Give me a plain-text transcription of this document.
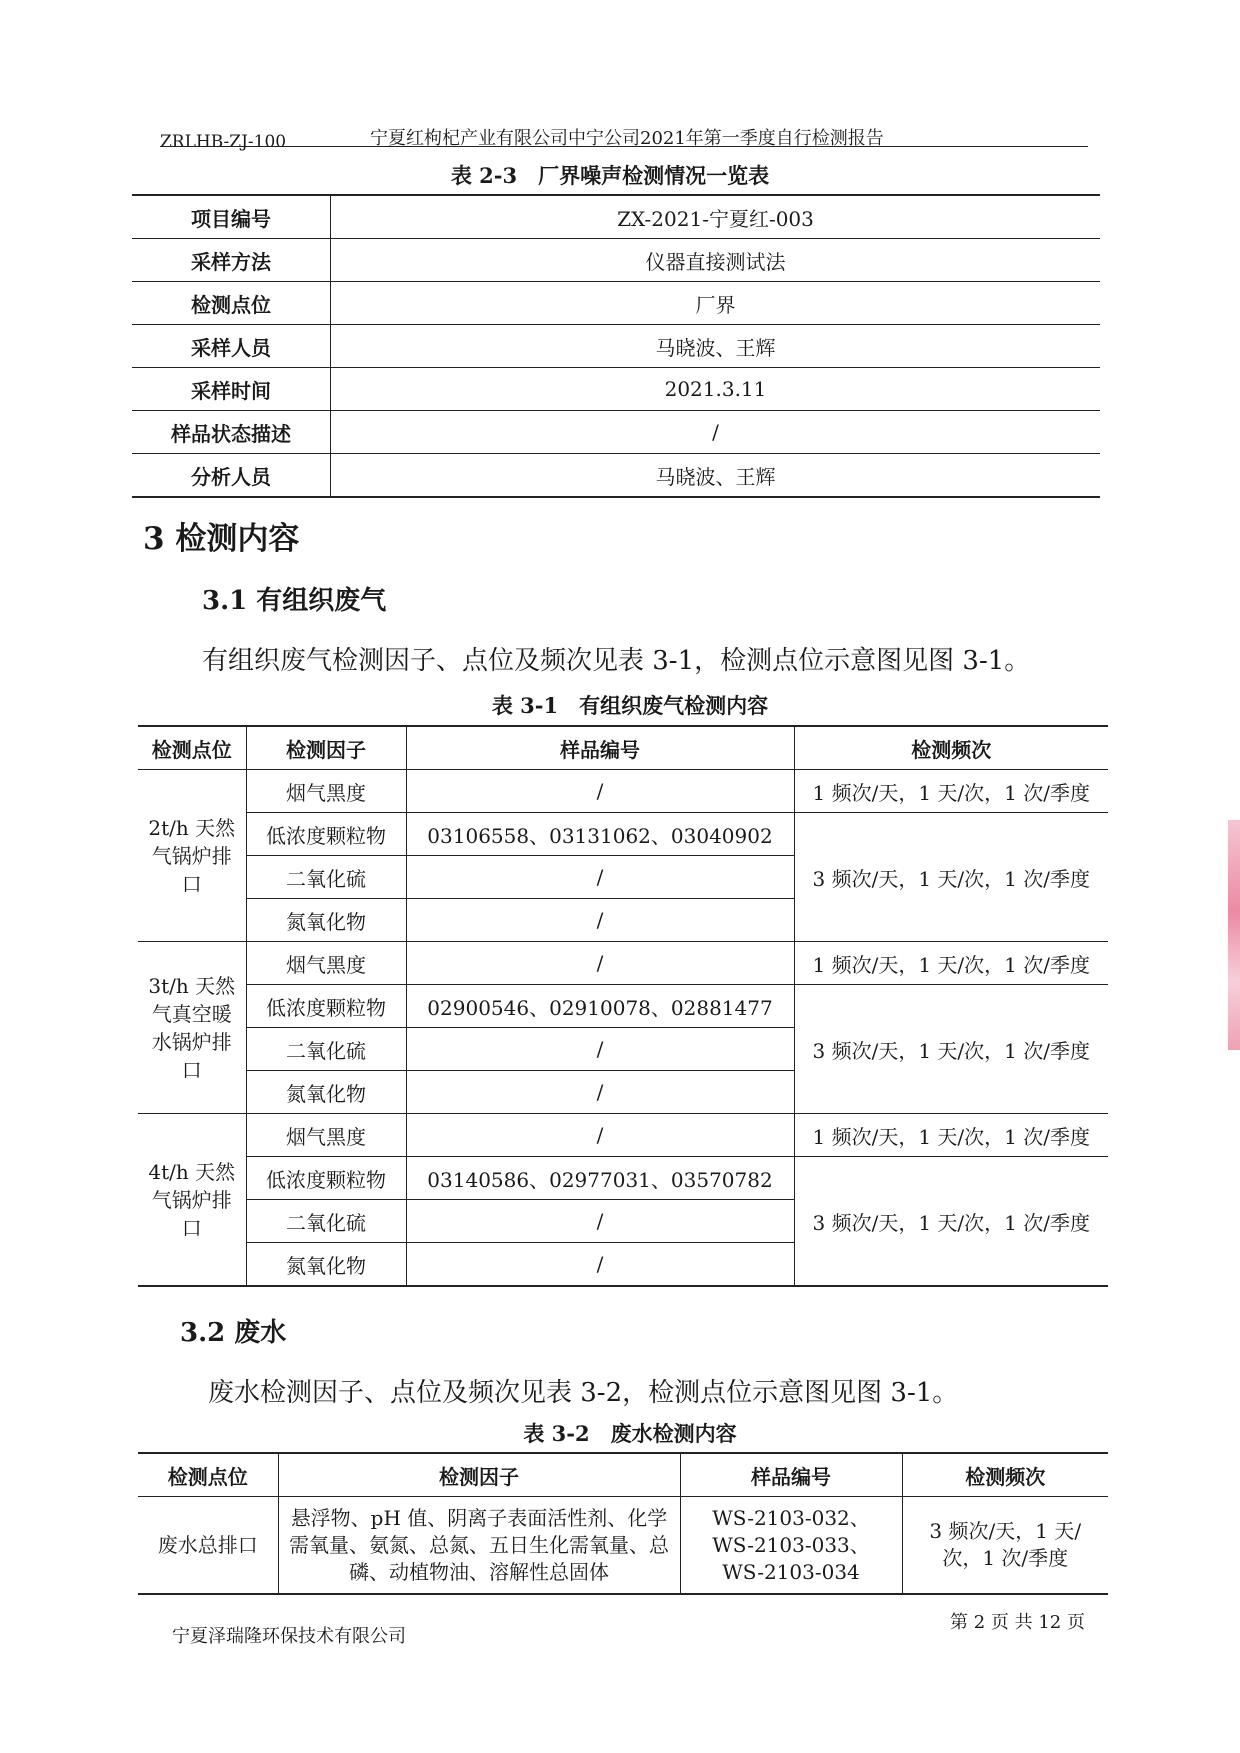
ZRLHB-ZJ-100	宁夏红枸杞产业有限公司中宁公司2021年第一季度自行检测报告
表 2-3　厂界噪声检测情况一览表
项目编号	ZX-2021-宁夏红-003
采样方法	仪器直接测试法
检测点位	厂界
采样人员	马晓波、王辉
采样时间	2021.3.11
样品状态描述	/
分析人员	马晓波、王辉
3 检测内容
3.1 有组织废气
有组织废气检测因子、点位及频次见表 3-1，检测点位示意图见图 3-1。
表 3-1　有组织废气检测内容
检测点位	检测因子	样品编号	检测频次
2t/h 天然气锅炉排口	烟气黑度	/	1 频次/天，1 天/次，1 次/季度
	低浓度颗粒物	03106558、03131062、03040902	3 频次/天，1 天/次，1 次/季度
	二氧化硫	/	
	氮氧化物	/	
3t/h 天然气真空暖水锅炉排口	烟气黑度	/	1 频次/天，1 天/次，1 次/季度
	低浓度颗粒物	02900546、02910078、02881477	3 频次/天，1 天/次，1 次/季度
	二氧化硫	/	
	氮氧化物	/	
4t/h 天然气锅炉排口	烟气黑度	/	1 频次/天，1 天/次，1 次/季度
	低浓度颗粒物	03140586、02977031、03570782	3 频次/天，1 天/次，1 次/季度
	二氧化硫	/	
	氮氧化物	/	
3.2 废水
废水检测因子、点位及频次见表 3-2，检测点位示意图见图 3-1。
表 3-2　废水检测内容
检测点位	检测因子	样品编号	检测频次
废水总排口	悬浮物、pH 值、阴离子表面活性剂、化学需氧量、氨氮、总氮、五日生化需氧量、总磷、动植物油、溶解性总固体	WS-2103-032、
WS-2103-033、
WS-2103-034	3 频次/天，1 天/次，1 次/季度
宁夏泽瑞隆环保技术有限公司
第 2 页 共 12 页
